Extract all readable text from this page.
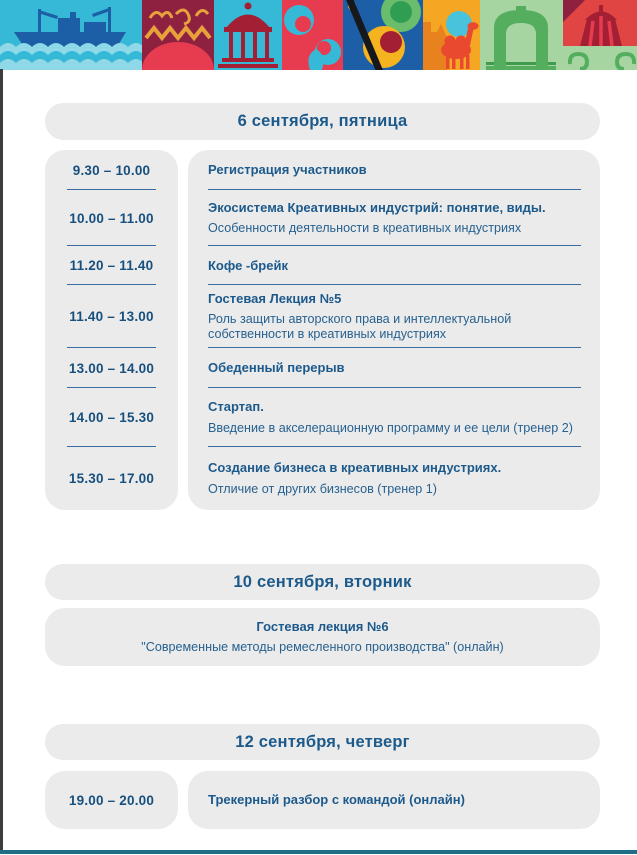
6 сентября, пятница
9.30 – 10.00
10.00 – 11.00
11.20 – 11.40
11.40 – 13.00
13.00 – 14.00
14.00 – 15.30
15.30 – 17.00
Регистрация участников
Экосистема Креативных индустрий: понятие, виды.
Особенности деятельности в креативных индустриях
Кофе -брейк
Гостевая Лекция №5
Роль защиты авторского права и интеллектуальной собственности в креативных индустриях
Обеденный перерыв
Стартап.
Введение в акселерационную программу и ее цели (тренер 2)
Создание бизнеса в креативных индустриях.
Отличие от других бизнесов (тренер 1)
10 сентября, вторник
Гостевая лекция №6
"Современные методы ремесленного производства" (онлайн)
12 сентября, четверг
19.00 – 20.00	Трекерный разбор с командой (онлайн)
